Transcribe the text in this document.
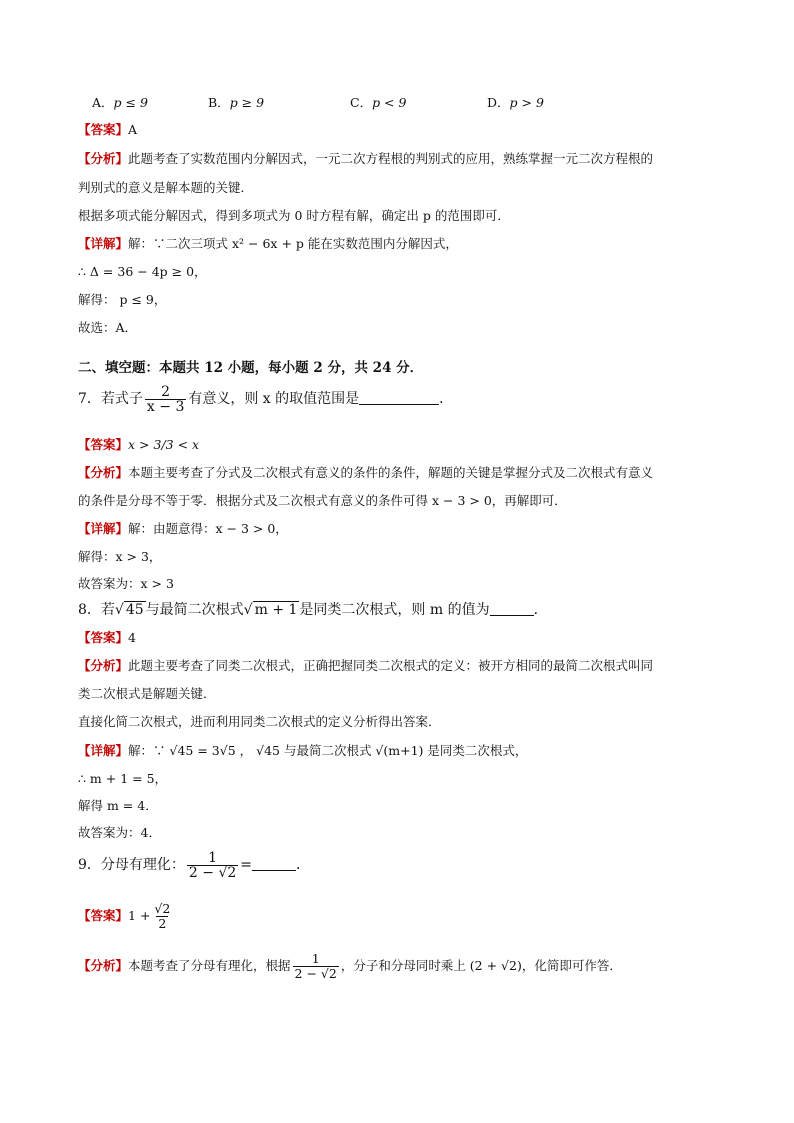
A．p ≤ 9	B．p ≥ 9	C．p < 9	D．p > 9
【答案】A
【分析】此题考查了实数范围内分解因式，一元二次方程根的判别式的应用，熟练掌握一元二次方程根的
判别式的意义是解本题的关键．
根据多项式能分解因式，得到多项式为 0 时方程有解，确定出 p 的范围即可．
【详解】解：∵二次三项式 x² − 6x + p 能在实数范围内分解因式，
∴ Δ = 36 − 4p ≥ 0，
解得： p ≤ 9，
故选：A．
二、填空题：本题共 12 小题，每小题 2 分，共 24 分．
7．若式子 $\frac{2}{x - 3}$ 有意义，则 x 的取值范围是	．
【答案】x > 3/3 < x
【分析】本题主要考查了分式及二次根式有意义的条件的条件，解题的关键是掌握分式及二次根式有意义
的条件是分母不等于零．根据分式及二次根式有意义的条件可得 x − 3 > 0，再解即可．
【详解】解：由题意得：x − 3 > 0，
解得：x > 3，
故答案为：x > 3
8．若√ 45 与最简二次根式√ m + 1 是同类二次根式，则 m 的值为	．
【答案】4
【分析】此题主要考查了同类二次根式，正确把握同类二次根式的定义：被开方相同的最简二次根式叫同
类二次根式是解题关键．
直接化简二次根式，进而利用同类二次根式的定义分析得出答案．
【详解】解：∵ √45 = 3√5 ， √45 与最简二次根式 √(m+1) 是同类二次根式，
∴ m + 1 = 5，
解得 m = 4．
故答案为：4．
9．分母有理化： $\frac{1}{2 - √2}$ =	．
【答案】$1 + \frac{√2}{2}$
【分析】本题考查了分母有理化，根据 $\frac{1}{2 - √2}$ ，分子和分母同时乘上 (2 + √2)，化简即可作答．
